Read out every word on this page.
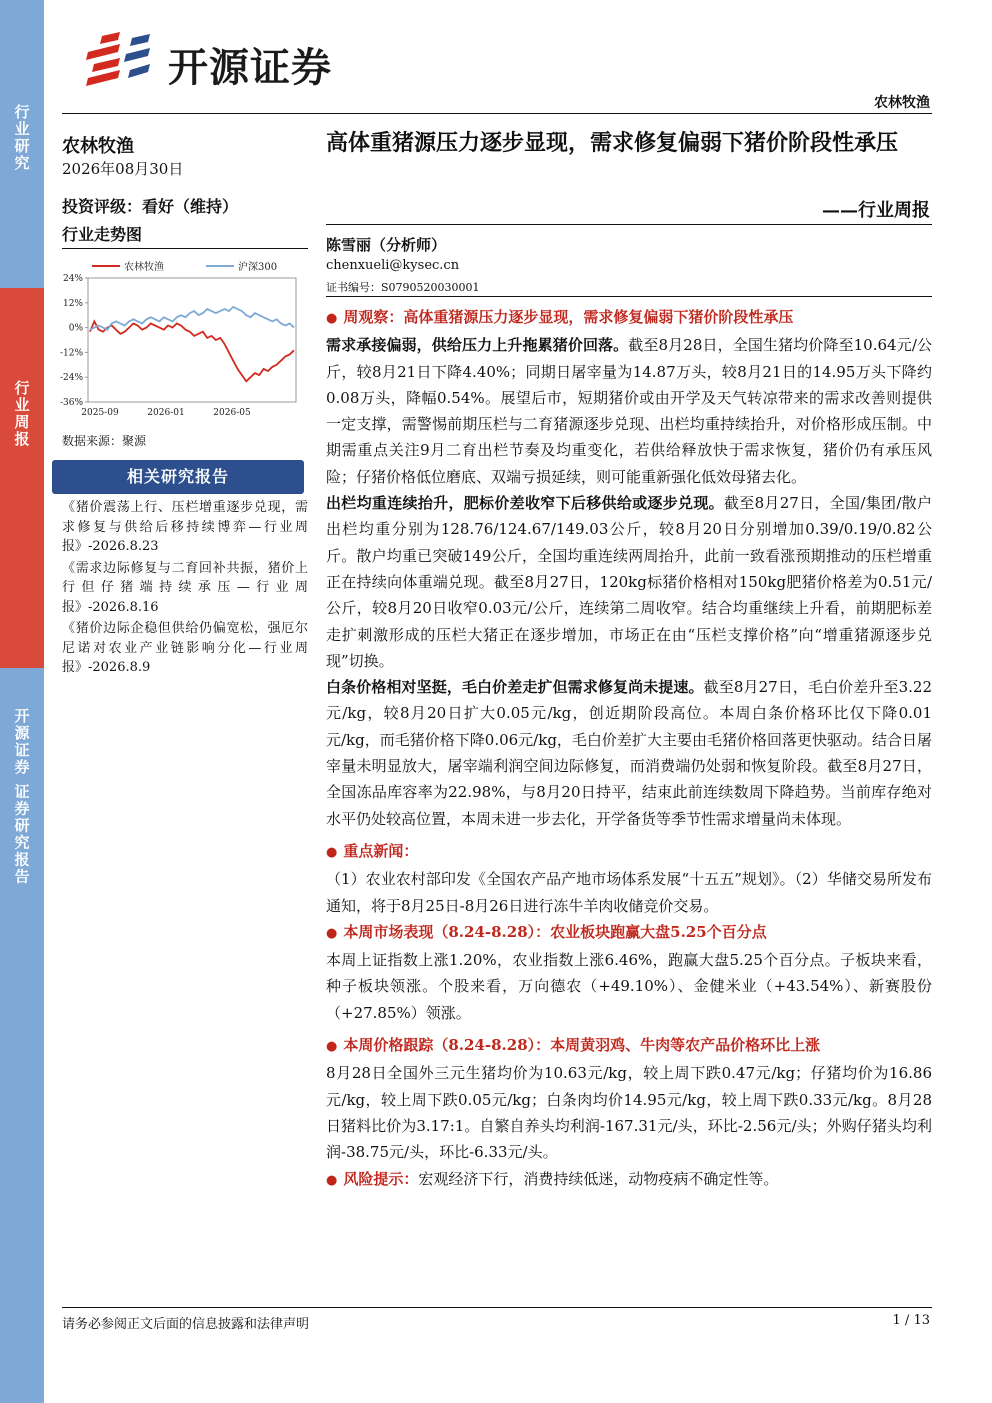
行业研究
行业周报
开源证券 证券研究报告
开源证券
农林牧渔
农林牧渔
2026年08月30日
投资评级：看好（维持）
行业走势图
24%
12%
0%
-12%
-24%
-36%
2025-09	2026-01	2026-05
农林牧渔	沪深300
数据来源：聚源
相关研究报告

《猪价震荡上行、压栏增重逐步兑现，需求修复与供给后移持续博弈—行业周报》-2026.8.23

《需求边际修复与二育回补共振，猪价上行但仔猪端持续承压—行业周报》-2026.8.16

《猪价边际企稳但供给仍偏宽松，强厄尔尼诺对农业产业链影响分化—行业周报》-2026.8.9

高体重猪源压力逐步显现，需求修复偏弱下猪价阶段性承压
——行业周报
陈雪丽（分析师）
chenxueli@kysec.cn
证书编号：S0790520030001

● 周观察：高体重猪源压力逐步显现，需求修复偏弱下猪价阶段性承压

需求承接偏弱，供给压力上升拖累猪价回落。截至8月28日，全国生猪均价降至10.64元/公斤，较8月21日下降4.40%；同期日屠宰量为14.87万头，较8月21日的14.95万头下降约0.08万头，降幅0.54%。展望后市，短期猪价或由开学及天气转凉带来的需求改善则提供一定支撑，需警惕前期压栏与二育猪源逐步兑现、出栏均重持续抬升，对价格形成压制。中期需重点关注9月二育出栏节奏及均重变化，若供给释放快于需求恢复，猪价仍有承压风险；仔猪价格低位磨底、双端亏损延续，则可能重新强化低效母猪去化。

出栏均重连续抬升，肥标价差收窄下后移供给或逐步兑现。截至8月27日，全国/集团/散户出栏均重分别为128.76/124.67/149.03公斤，较8月20日分别增加0.39/0.19/0.82公斤。散户均重已突破149公斤，全国均重连续两周抬升，此前一致看涨预期推动的压栏增重正在持续向体重端兑现。截至8月27日，120kg标猪价格相对150kg肥猪价格差为0.51元/公斤，较8月20日收窄0.03元/公斤，连续第二周收窄。结合均重继续上升看，前期肥标差走扩刺激形成的压栏大猪正在逐步增加，市场正在由“压栏支撑价格”向“增重猪源逐步兑现”切换。

白条价格相对坚挺，毛白价差走扩但需求修复尚未提速。截至8月27日，毛白价差升至3.22元/kg，较8月20日扩大0.05元/kg，创近期阶段高位。本周白条价格环比仅下降0.01元/kg，而毛猪价格下降0.06元/kg，毛白价差扩大主要由毛猪价格回落更快驱动。结合日屠宰量未明显放大，屠宰端利润空间边际修复，而消费端仍处弱和恢复阶段。截至8月27日，全国冻品库容率为22.98%，与8月20日持平，结束此前连续数周下降趋势。当前库存绝对水平仍处较高位置，本周未进一步去化，开学备货等季节性需求增量尚未体现。

● 重点新闻：

（1）农业农村部印发《全国农产品产地市场体系发展“十五五”规划》。（2）华储交易所发布通知，将于8月25日-8月26日进行冻牛羊肉收储竞价交易。

● 本周市场表现（8.24-8.28）：农业板块跑赢大盘5.25个百分点

本周上证指数上涨1.20%，农业指数上涨6.46%，跑赢大盘5.25个百分点。子板块来看，种子板块领涨。个股来看，万向德农（+49.10%）、金健米业（+43.54%）、新赛股份（+27.85%）领涨。

● 本周价格跟踪（8.24-8.28）：本周黄羽鸡、牛肉等农产品价格环比上涨

8月28日全国外三元生猪均价为10.63元/kg，较上周下跌0.47元/kg；仔猪均价为16.86元/kg，较上周下跌0.05元/kg；白条肉均价14.95元/kg，较上周下跌0.33元/kg。8月28日猪料比价为3.17:1。自繁自养头均利润-167.31元/头，环比-2.56元/头；外购仔猪头均利润-38.75元/头，环比-6.33元/头。

● 风险提示：宏观经济下行，消费持续低迷，动物疫病不确定性等。

请务必参阅正文后面的信息披露和法律声明	1 / 13
